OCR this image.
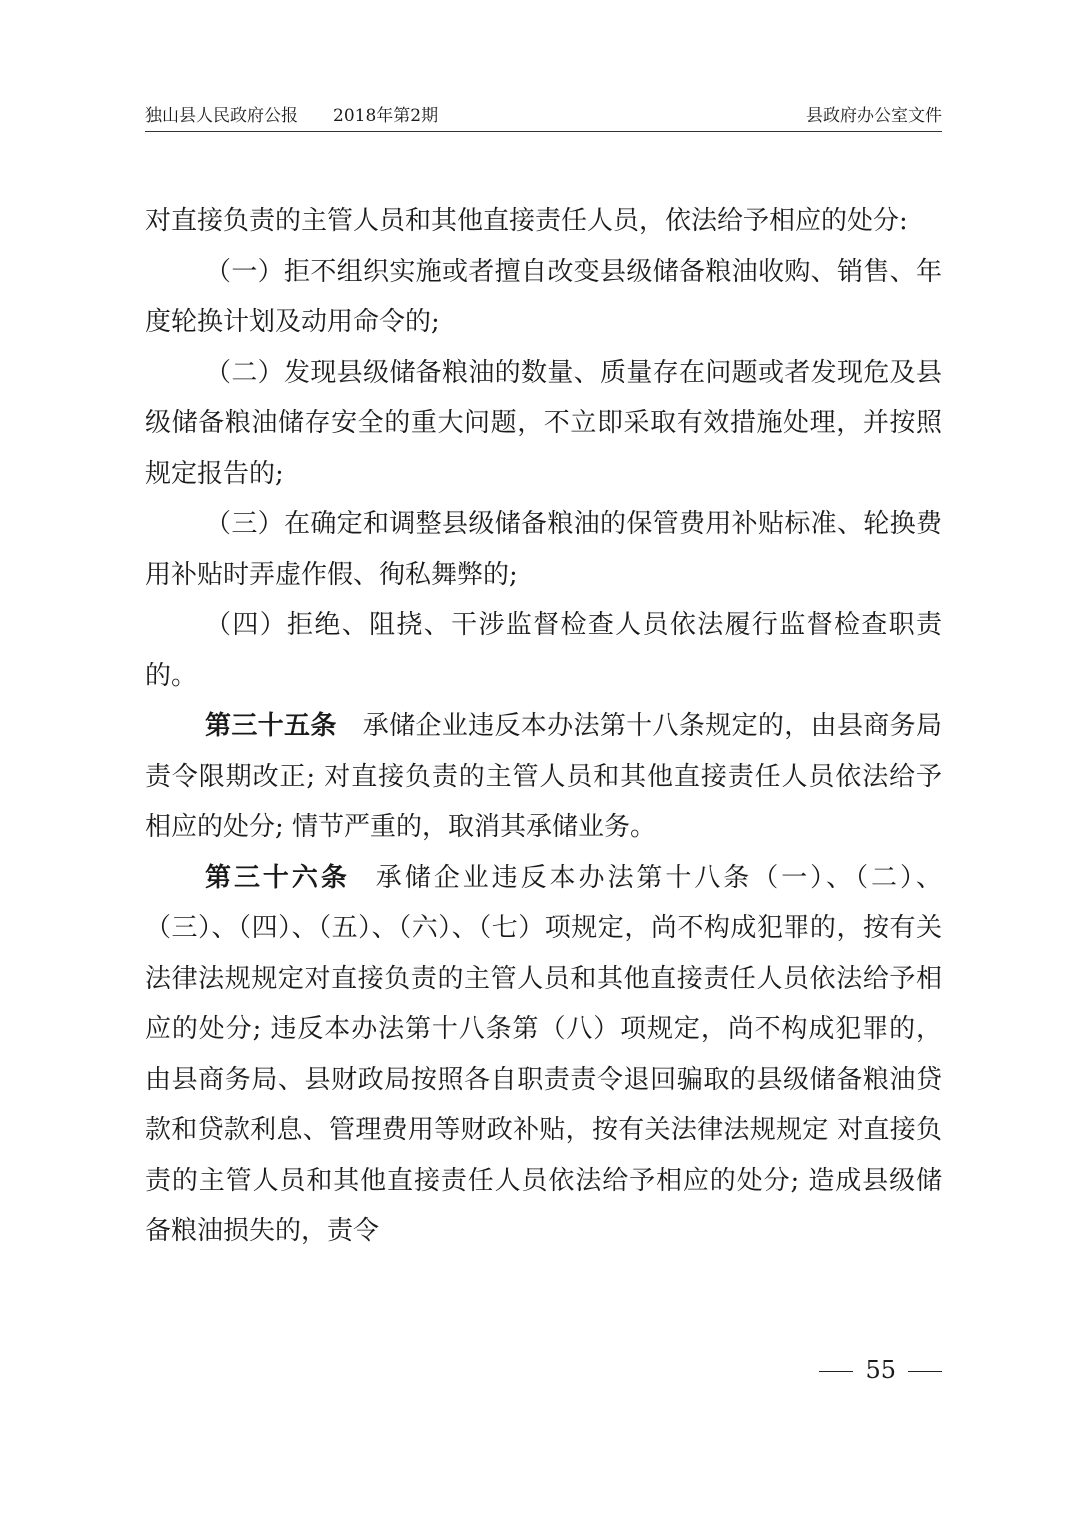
独山县人民政府公报 2018年第2期	县政府办公室文件

对直接负责的主管人员和其他直接责任人员，依法给予相应的处分:

（一）拒不组织实施或者擅自改变县级储备粮油收购、销售、年度轮换计划及动用命令的;

（二）发现县级储备粮油的数量、质量存在问题或者发现危及县级储备粮油储存安全的重大问题，不立即采取有效措施处理，并按照规定报告的;

（三）在确定和调整县级储备粮油的保管费用补贴标准、轮换费用补贴时弄虚作假、徇私舞弊的;

（四）拒绝、阻挠、干涉监督检查人员依法履行监督检查职责的。

第三十五条 承储企业违反本办法第十八条规定的，由县商务局责令限期改正; 对直接负责的主管人员和其他直接责任人员依法给予相应的处分; 情节严重的，取消其承储业务。

第三十六条 承储企业违反本办法第十八条（一）、（二）、（三）、（四）、（五）、（六）、（七）项规定，尚不构成犯罪的，按有关法律法规规定对直接负责的主管人员和其他直接责任人员依法给予相应的处分; 违反本办法第十八条第（八）项规定，尚不构成犯罪的，由县商务局、县财政局按照各自职责责令退回骗取的县级储备粮油贷款和贷款利息、管理费用等财政补贴，按有关法律法规规定 对直接负责的主管人员和其他直接责任人员依法给予相应的处分; 造成县级储备粮油损失的，责令

55
